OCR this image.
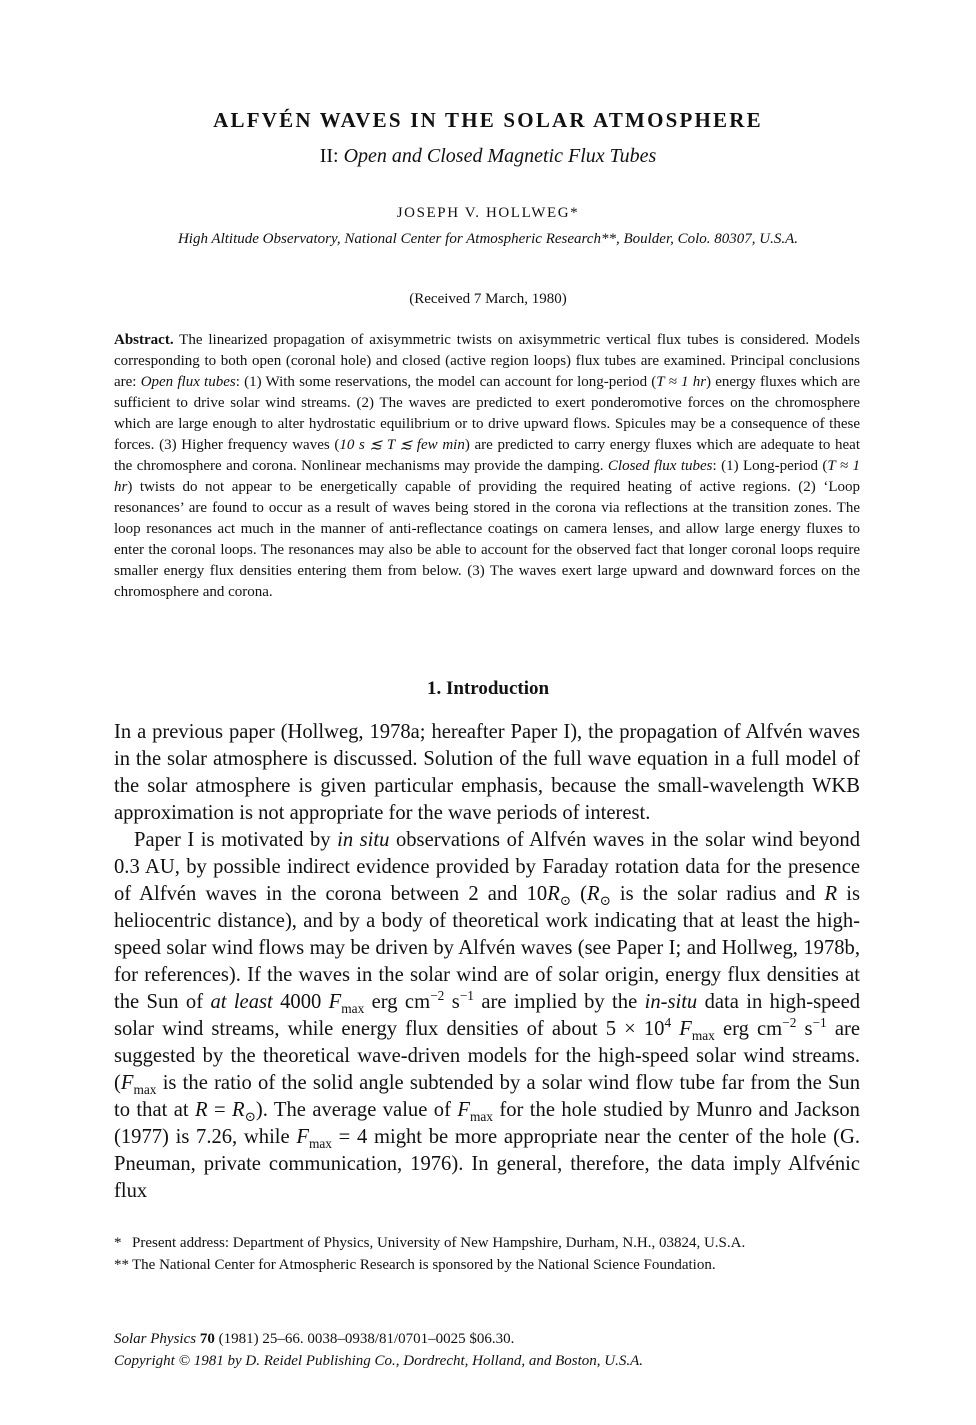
ALFVÉN WAVES IN THE SOLAR ATMOSPHERE
II: Open and Closed Magnetic Flux Tubes
JOSEPH V. HOLLWEG*
High Altitude Observatory, National Center for Atmospheric Research**, Boulder, Colo. 80307, U.S.A.
(Received 7 March, 1980)
Abstract. The linearized propagation of axisymmetric twists on axisymmetric vertical flux tubes is considered. Models corresponding to both open (coronal hole) and closed (active region loops) flux tubes are examined. Principal conclusions are: Open flux tubes: (1) With some reservations, the model can account for long-period (T ≈ 1 hr) energy fluxes which are sufficient to drive solar wind streams. (2) The waves are predicted to exert ponderomotive forces on the chromosphere which are large enough to alter hydrostatic equilibrium or to drive upward flows. Spicules may be a consequence of these forces. (3) Higher frequency waves (10 s ≲ T ≲ few min) are predicted to carry energy fluxes which are adequate to heat the chromosphere and corona. Nonlinear mechanisms may provide the damping. Closed flux tubes: (1) Long-period (T ≈ 1 hr) twists do not appear to be energetically capable of providing the required heating of active regions. (2) ‘Loop resonances’ are found to occur as a result of waves being stored in the corona via reflections at the transition zones. The loop resonances act much in the manner of anti-reflectance coatings on camera lenses, and allow large energy fluxes to enter the coronal loops. The resonances may also be able to account for the observed fact that longer coronal loops require smaller energy flux densities entering them from below. (3) The waves exert large upward and downward forces on the chromosphere and corona.
1. Introduction

In a previous paper (Hollweg, 1978a; hereafter Paper I), the propagation of Alfvén waves in the solar atmosphere is discussed. Solution of the full wave equation in a full model of the solar atmosphere is given particular emphasis, because the small-wavelength WKB approximation is not appropriate for the wave periods of interest.

Paper I is motivated by in situ observations of Alfvén waves in the solar wind beyond 0.3 AU, by possible indirect evidence provided by Faraday rotation data for the presence of Alfvén waves in the corona between 2 and $10R_⊙$ ($R_⊙$ is the solar radius and R is heliocentric distance), and by a body of theoretical work indicating that at least the high-speed solar wind flows may be driven by Alfvén waves (see Paper I; and Hollweg, 1978b, for references). If the waves in the solar wind are of solar origin, energy flux densities at the Sun of at least 4000 $F_{max}$ erg $cm^{-2}$ $s^{-1}$ are implied by the in-situ data in high-speed solar wind streams, while energy flux densities of about $5 \times 10^4$ $F_{max}$ erg $cm^{-2}$ $s^{-1}$ are suggested by the theoretical wave-driven models for the high-speed solar wind streams. ($F_{max}$ is the ratio of the solid angle subtended by a solar wind flow tube far from the Sun to that at $R = R_⊙$). The average value of $F_{max}$ for the hole studied by Munro and Jackson (1977) is 7.26, while $F_{max} = 4$ might be more appropriate near the center of the hole (G. Pneuman, private communication, 1976). In general, therefore, the data imply Alfvénic flux

* Present address: Department of Physics, University of New Hampshire, Durham, N.H., 03824, U.S.A.
** The National Center for Atmospheric Research is sponsored by the National Science Foundation.
Solar Physics 70 (1981) 25–66. 0038–0938/81/0701–0025 $06.30.
Copyright © 1981 by D. Reidel Publishing Co., Dordrecht, Holland, and Boston, U.S.A.
